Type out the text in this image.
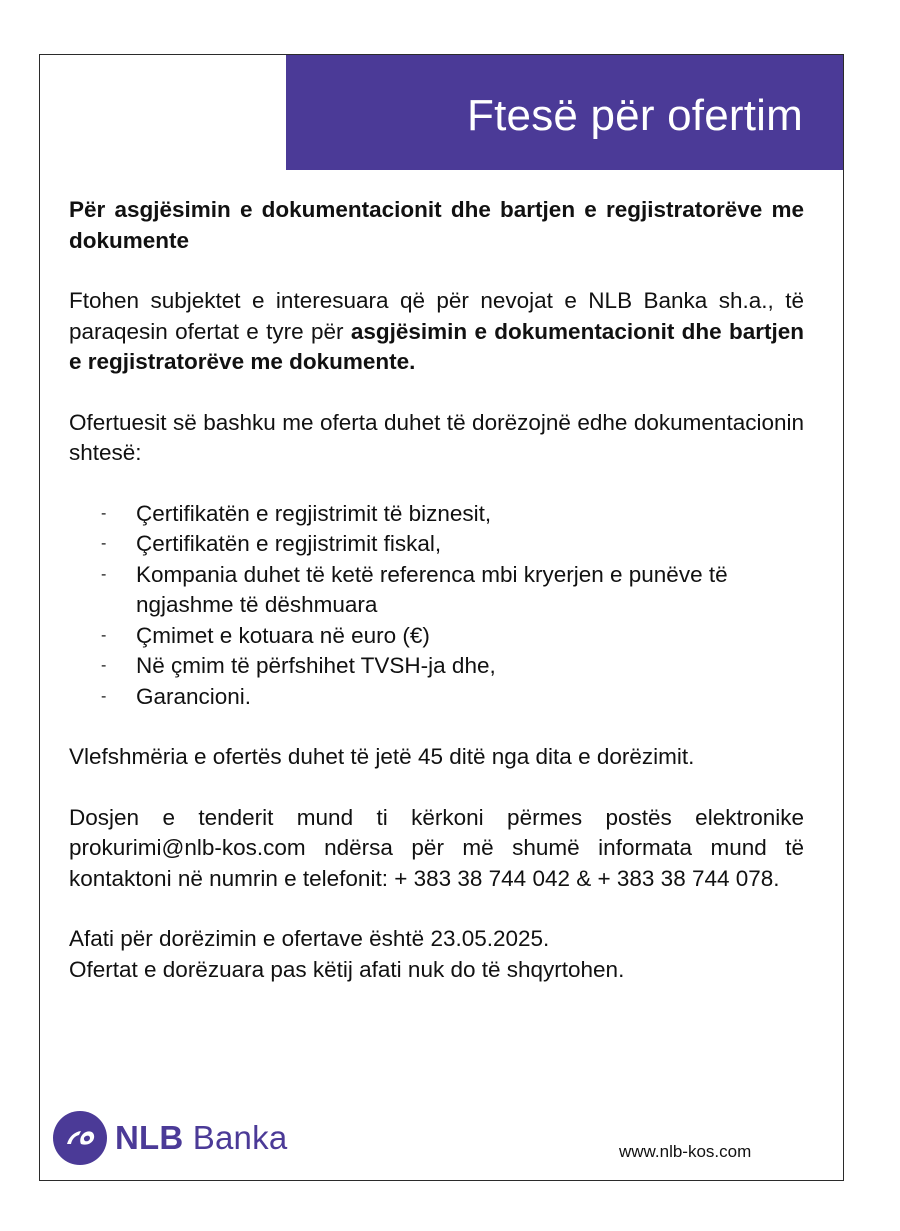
Ftesë për ofertim

Për asgjësimin e dokumentacionit dhe bartjen e regjistratorëve me dokumente

Ftohen subjektet e interesuara që për nevojat e NLB Banka sh.a., të paraqesin ofertat e tyre për asgjësimin e dokumentacionit dhe bartjen e regjistratorëve me dokumente.

Ofertuesit së bashku me oferta duhet të dorëzojnë edhe dokumentacionin shtesë:

- Çertifikatën e regjistrimit të biznesit,
- Çertifikatën e regjistrimit fiskal,
- Kompania duhet të ketë referenca mbi kryerjen e punëve të ngjashme të dëshmuara
- Çmimet e kotuara në euro (€)
- Në çmim të përfshihet TVSH-ja dhe,
- Garancioni.

Vlefshmëria e ofertës duhet të jetë 45 ditë nga dita e dorëzimit.

Dosjen e tenderit mund ti kërkoni përmes postës elektronike prokurimi@nlb-kos.com ndërsa për më shumë informata mund të kontaktoni në numrin e telefonit: + 383 38 744 042 & + 383 38 744 078.

Afati për dorëzimin e ofertave është 23.05.2025.

Ofertat e dorëzuara pas këtij afati nuk do të shqyrtohen.

NLB Banka	www.nlb-kos.com
